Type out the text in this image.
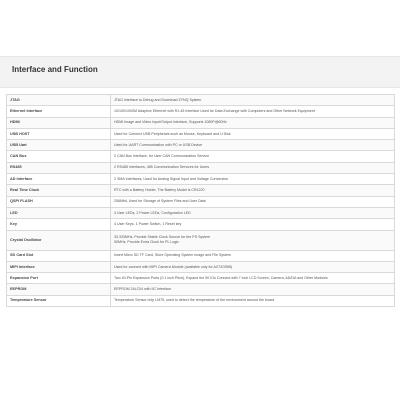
Interface and Function
JTAG	JTAG Interface to Debug and Download ZYNQ System

Ethernet Interface	10/100/1000M Adaptive Ethernet with RJ-45 Interface Used for Data Exchange with Computers and Other Network Equipment

HDMI	HDMI Image and Video Input/Output Interface, Supports 1080P@60Hz

USB HOST	Used for Connect USB Peripherals such as Mouse, Keyboard and U Disk

USB Uart	Used for UART Communication with PC or USB Device

CAN Bus	2 CAN Bus Interface, for User CAN Communication Service

RS485	2 RS485 Interfaces, 485 Communication Services for Users

AD Interface	2 SMA Interfaces, Used for Analog Signal Input and Voltage Conversion

Real Time Clock	RTC with a Battery Holder, The Battery Model is CR1220

QSPI FLASH	256Mbit, Used for Storage of System Files and User Data

LED	4 User LEDs, 2 Power LEDs, Configuration LED

Key	4 User Keys, 1 Power Switch, 1 Reset key

Crystal Oscillator	33.333MHz, Provide Stable Clock Source for the PS System
50MHz, Provide Extra Clock for PL Logic

SD Card Slot	Insert Micro SD TF Card, Store Operating System Image and File System

MIPI Interface	Used for connect with MIPI Camera Module (available only for AX7Z035B)

Expansion Port	Two 40-Pin Expansion Ports (0.1 inch Pitch), Expand the 50 IOs Connect with 7 inch LCD Screen, Camera, AD/DA and Other Modules

EEPROM	EEPROM 24LC04 with IIC Interface

Temperature Sensor	Temperature Sensor chip LM75, used to detect the temperature of the environment around the board
